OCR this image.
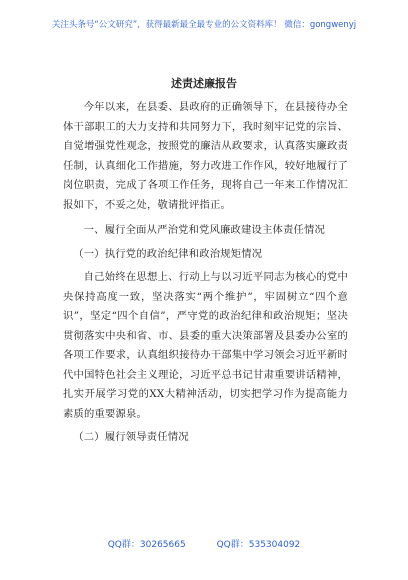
关注头条号“公文研究”，获得最新最全最专业的公文资料库！ 微信：gongwenyj
述责述廉报告

今年以来，在县委、县政府的正确领导下，在县接待办全体干部职工的大力支持和共同努力下，我时刻牢记党的宗旨、自觉增强党性观念，按照党的廉洁从政要求，认真落实廉政责任制，认真细化工作措施，努力改进工作作风，较好地履行了岗位职责，完成了各项工作任务，现将自己一年来工作情况汇报如下，不妥之处，敬请批评指正。

一、履行全面从严治党和党风廉政建设主体责任情况

（一）执行党的政治纪律和政治规矩情况

自己始终在思想上、行动上与以习近平同志为核心的党中央保持高度一致，坚决落实“两个维护”，牢固树立“四个意识”，坚定“四个自信”，严守党的政治纪律和政治规矩；坚决贯彻落实中央和省、市、县委的重大决策部署及县委办公室的各项工作要求，认真组织接待办干部集中学习领会习近平新时代中国特色社会主义理论，习近平总书记甘肃重要讲话精神，扎实开展学习党的XX大精神活动，切实把学习作为提高能力素质的重要源泉。

（二）履行领导责任情况

QQ群：30265665	QQ群：535304092
